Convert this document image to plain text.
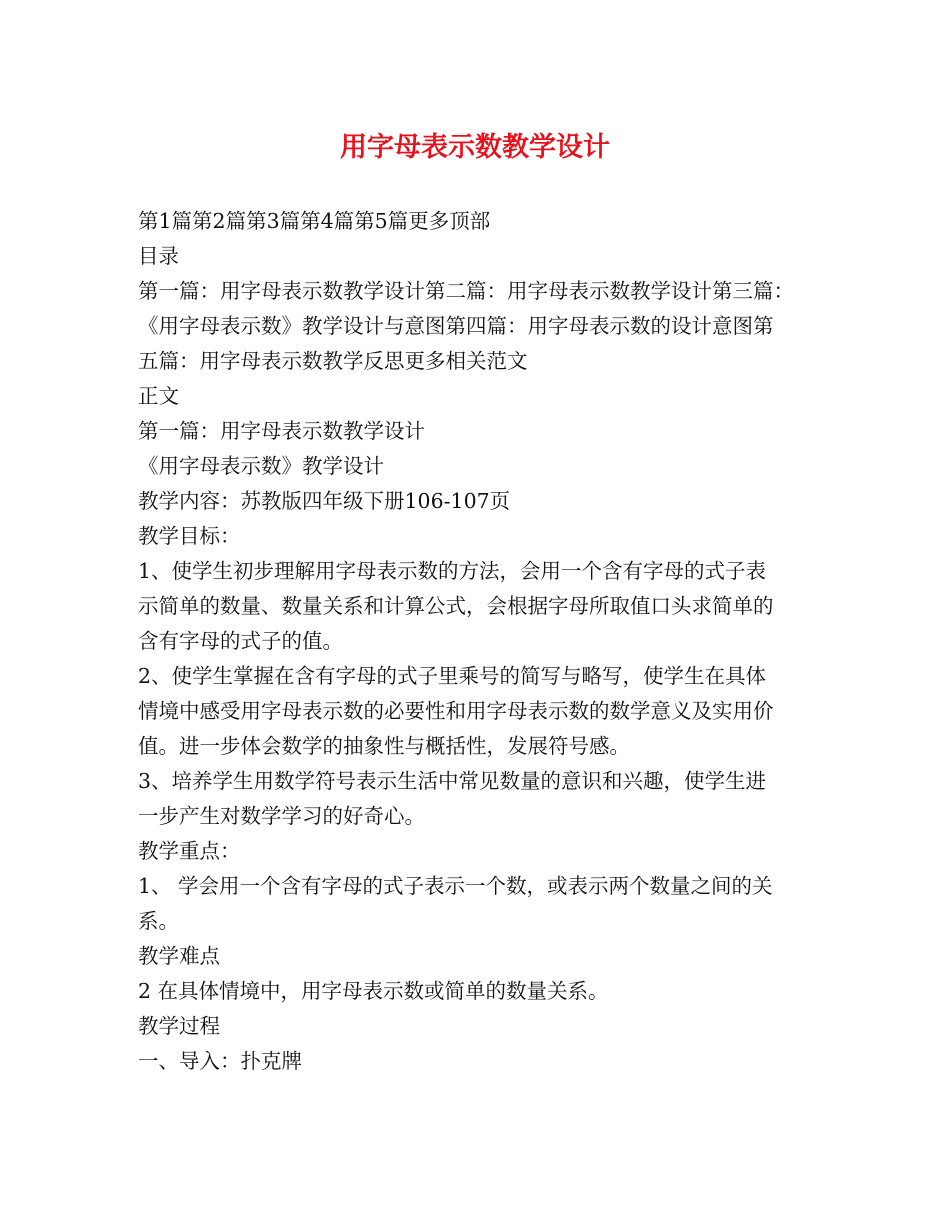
用字母表示数教学设计

第1篇第2篇第3篇第4篇第5篇更多顶部

目录

第一篇：用字母表示数教学设计第二篇：用字母表示数教学设计第三篇：

《用字母表示数》教学设计与意图第四篇：用字母表示数的设计意图第

五篇：用字母表示数教学反思更多相关范文

正文

第一篇：用字母表示数教学设计

《用字母表示数》教学设计

教学内容：苏教版四年级下册106-107页

教学目标：

1、使学生初步理解用字母表示数的方法，会用一个含有字母的式子表

示简单的数量、数量关系和计算公式，会根据字母所取值口头求简单的

含有字母的式子的值。

2、使学生掌握在含有字母的式子里乘号的简写与略写，使学生在具体

情境中感受用字母表示数的必要性和用字母表示数的数学意义及实用价

值。进一步体会数学的抽象性与概括性，发展符号感。

3、培养学生用数学符号表示生活中常见数量的意识和兴趣，使学生进

一步产生对数学学习的好奇心。

教学重点：

1、 学会用一个含有字母的式子表示一个数，或表示两个数量之间的关

系。

教学难点

2 在具体情境中，用字母表示数或简单的数量关系。

教学过程

一、导入：扑克牌
